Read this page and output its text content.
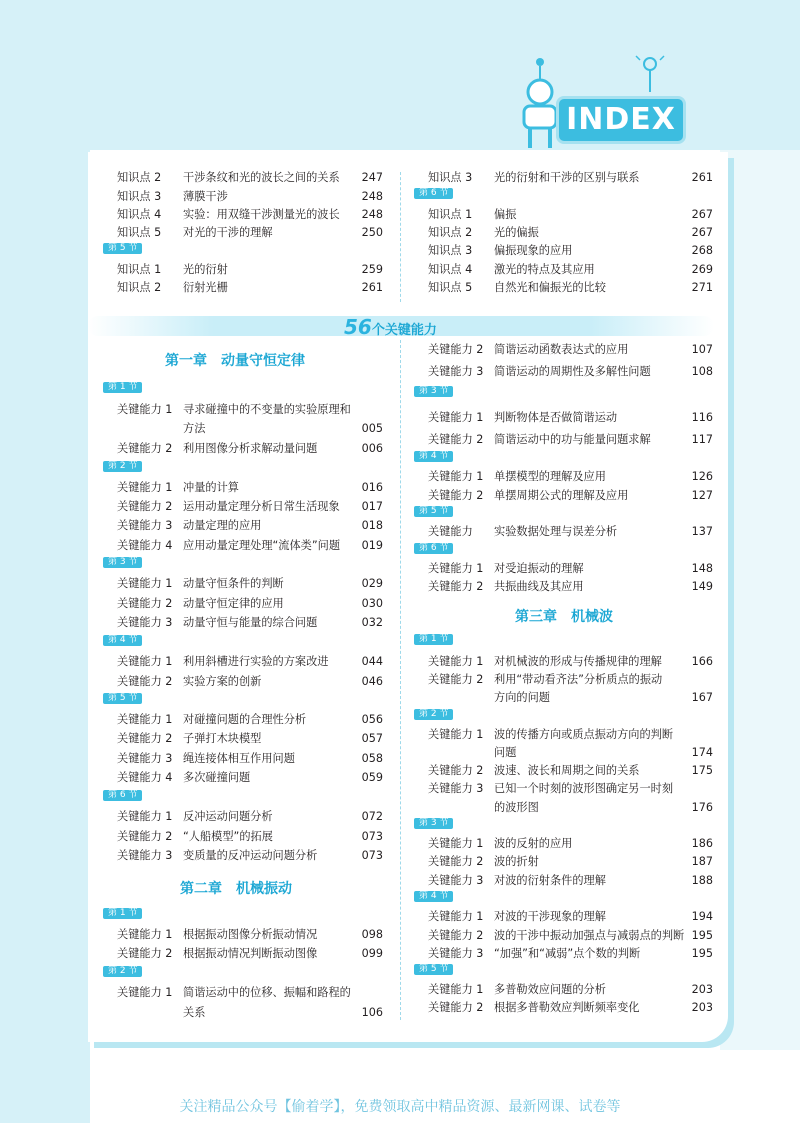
INDEX
知识点 2 干涉条纹和光的波长之间的关系	247
知识点 3 薄膜干涉	248
知识点 4 实验：用双缝干涉测量光的波长	248
知识点 5 对光的干涉的理解	250
第 5 节
知识点 1 光的衍射	259
知识点 2 衍射光栅	261
知识点 3 光的衍射和干涉的区别与联系	261
第 6 节
知识点 1 偏振	267
知识点 2 光的偏振	267
知识点 3 偏振现象的应用	268
知识点 4 激光的特点及其应用	269
知识点 5 自然光和偏振光的比较	271
第一章　动量守恒定律
第 1 节
关键能力 1 寻求碰撞中的不变量的实验原理和
方法	005
关键能力 2 利用图像分析求解动量问题	006
第 2 节
关键能力 1 冲量的计算	016
关键能力 2 运用动量定理分析日常生活现象	017
关键能力 3 动量定理的应用	018
关键能力 4 应用动量定理处理“流体类”问题	019
第 3 节
关键能力 1 动量守恒条件的判断	029
关键能力 2 动量守恒定律的应用	030
关键能力 3 动量守恒与能量的综合问题	032
第 4 节
关键能力 1 利用斜槽进行实验的方案改进	044
关键能力 2 实验方案的创新	046
第 5 节
关键能力 1 对碰撞问题的合理性分析	056
关键能力 2 子弹打木块模型	057
关键能力 3 绳连接体相互作用问题	058
关键能力 4 多次碰撞问题	059
第 6 节
关键能力 1 反冲运动问题分析	072
关键能力 2 “人船模型”的拓展	073
关键能力 3 变质量的反冲运动问题分析	073
第二章　机械振动
第 1 节
关键能力 1 根据振动图像分析振动情况	098
关键能力 2 根据振动情况判断振动图像	099
第 2 节
关键能力 1 简谐运动中的位移、振幅和路程的
关系	106
关键能力 2 简谐运动函数表达式的应用	107
关键能力 3 简谐运动的周期性及多解性问题	108
第 3 节
关键能力 1 判断物体是否做简谐运动	116
关键能力 2 简谐运动中的功与能量问题求解	117
第 4 节
关键能力 1 单摆模型的理解及应用	126
关键能力 2 单摆周期公式的理解及应用	127
第 5 节
关键能力 实验数据处理与误差分析	137
第 6 节
关键能力 1 对受迫振动的理解	148
关键能力 2 共振曲线及其应用	149
第三章　机械波
第 1 节
关键能力 1 对机械波的形成与传播规律的理解	166
关键能力 2 利用“带动看齐法”分析质点的振动
方向的问题	167
第 2 节
关键能力 1 波的传播方向或质点振动方向的判断
问题	174
关键能力 2 波速、波长和周期之间的关系	175
关键能力 3 已知一个时刻的波形图确定另一时刻
的波形图	176
第 3 节
关键能力 1 波的反射的应用	186
关键能力 2 波的折射	187
关键能力 3 对波的衍射条件的理解	188
第 4 节
关键能力 1 对波的干涉现象的理解	194
关键能力 2 波的干涉中振动加强点与减弱点的判断 195
关键能力 3 “加强”和“减弱”点个数的判断	195
第 5 节
关键能力 1 多普勒效应问题的分析	203
关键能力 2 根据多普勒效应判断频率变化	203
56个关键能力
关注精品公众号【偷着学】，免费领取高中精品资源、最新网课、试卷等
